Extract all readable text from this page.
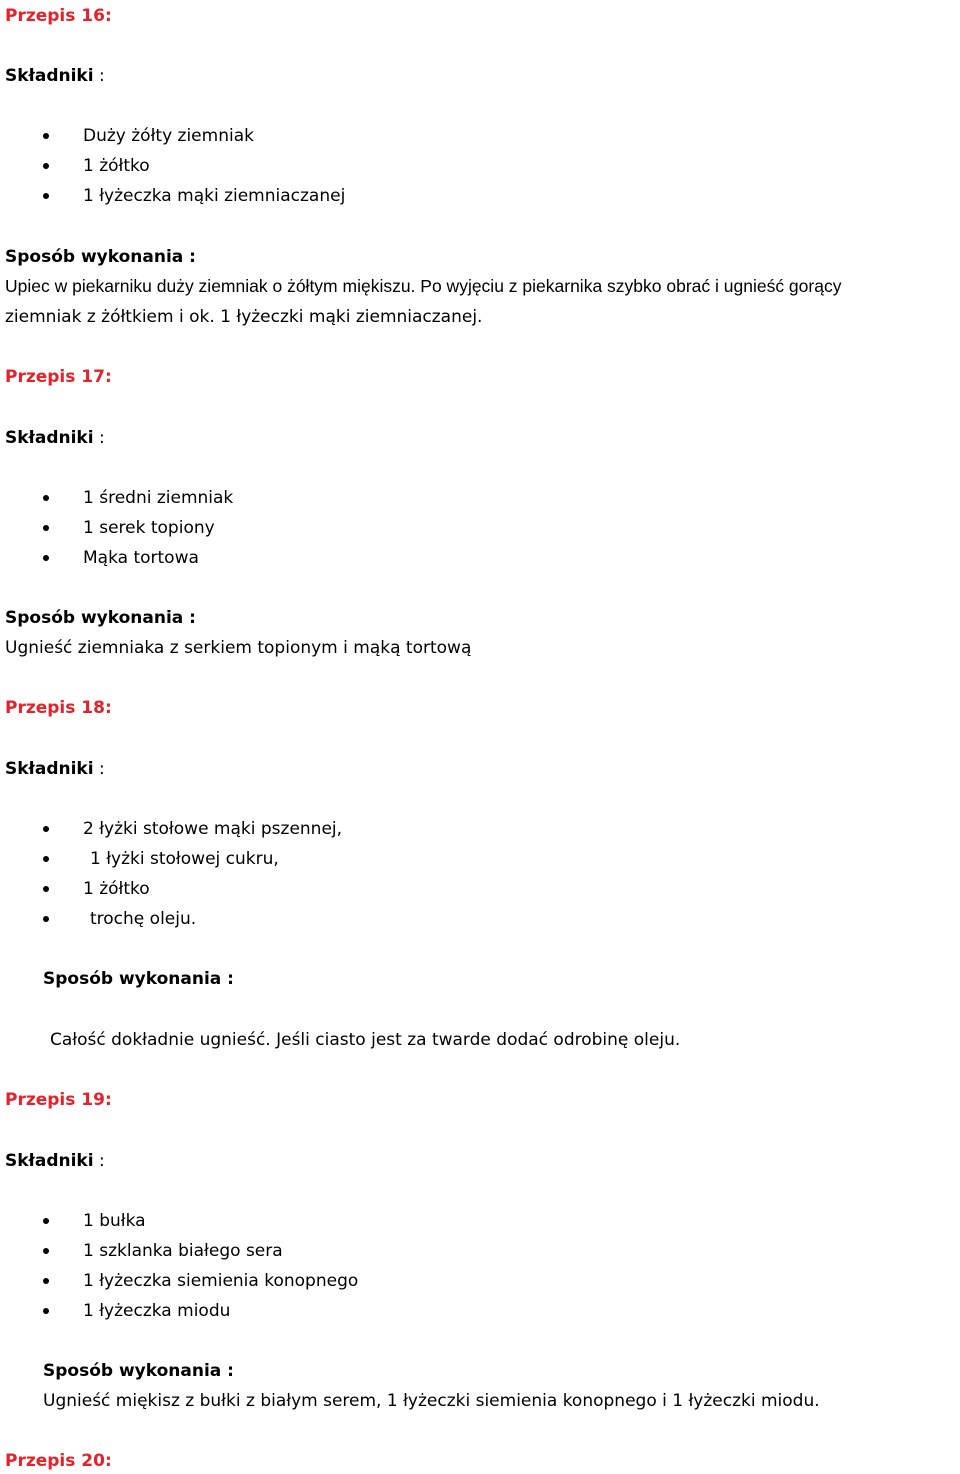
Przepis 16:
Składniki :
Duży żółty ziemniak
1 żółtko
1 łyżeczka mąki ziemniaczanej
Sposób wykonania :
Upiec w piekarniku duży ziemniak o żółtym miękiszu. Po wyjęciu z piekarnika szybko obrać i ugnieść gorący
ziemniak z żółtkiem i ok. 1 łyżeczki mąki ziemniaczanej.
Przepis 17:
Składniki :
1 średni ziemniak
1 serek topiony
Mąka tortowa
Sposób wykonania :
Ugnieść ziemniaka z serkiem topionym i mąką tortową
Przepis 18:
Składniki :
2 łyżki stołowe mąki pszennej,
1 łyżki stołowej cukru,
1 żółtko
trochę oleju.
Sposób wykonania :
Całość dokładnie ugnieść. Jeśli ciasto jest za twarde dodać odrobinę oleju.
Przepis 19:
Składniki :
1 bułka
1 szklanka białego sera
1 łyżeczka siemienia konopnego
1 łyżeczka miodu
Sposób wykonania :
Ugnieść miękisz z bułki z białym serem, 1 łyżeczki siemienia konopnego i 1 łyżeczki miodu.
Przepis 20:
